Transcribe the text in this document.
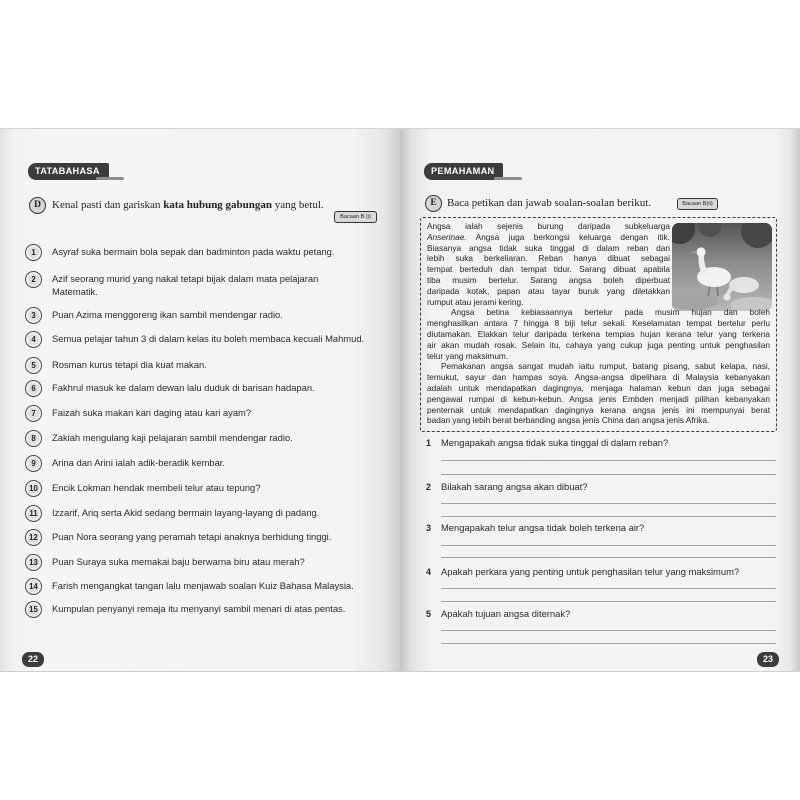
TATABAHASA
D	Kenal pasti dan gariskan kata hubung gabungan yang betul.
Bacaan B (i)
1	Asyraf suka bermain bola sepak dan badminton pada waktu petang.
2	Azif seorang murid yang nakal tetapi bijak dalam mata pelajaran
Matematik.
3	Puan Azima menggoreng ikan sambil mendengar radio.
4	Semua pelajar tahun 3 di dalam kelas itu boleh membaca kecuali Mahmud.
5	Rosman kurus tetapi dia kuat makan.
6	Fakhrul masuk ke dalam dewan lalu duduk di barisan hadapan.
7	Faizah suka makan kari daging atau kari ayam?
8	Zakiah mengulang kaji pelajaran sambil mendengar radio.
9	Arina dan Arini ialah adik-beradik kembar.
10	Encik Lokman hendak membeli telur atau tepung?
11	Izzarif, Ariq serta Akid sedang bermain layang-layang di padang.
12	Puan Nora seorang yang peramah tetapi anaknya berhidung tinggi.
13	Puan Suraya suka memakai baju berwarna biru atau merah?
14	Farish mengangkat tangan lalu menjawab soalan Kuiz Bahasa Malaysia.
15	Kumpulan penyanyi remaja itu menyanyi sambil menari di atas pentas.
22
PEMAHAMAN
E Baca petikan dan jawab soalan-soalan berikut.	Bacaan B(ii)
Angsa ialah sejenis burung daripada subkeluarga
Anserinae. Angsa juga berkongsi keluarga dengan itik.
Biasanya angsa tidak suka tinggal di dalam reban dan
lebih suka berkeliaran. Reban hanya dibuat sebagai
tempat berteduh dan tempat tidur. Sarang dibuat apabila
tiba musim bertelur. Sarang angsa boleh diperbuat
daripada kotak, papan atau tayar buruk yang diletakkan
rumput atau jerami kering.
Angsa betina kebiasaannya bertelur pada musim hujan dan boleh
menghasilkan antara 7 hingga 8 biji telur sekali. Keselamatan tempat bertelur perlu
diutamakan. Elakkan telur daripada terkena tempias hujan kerana telur yang terkena
air akan mudah rosak. Selain itu, cahaya yang cukup juga penting untuk penghasilan
telur yang maksimum.
Pemakanan angsa sangat mudah iaitu rumput, batang pisang, sabut kelapa, nasi,
temukut, sayur dan hampas soya. Angsa-angsa dipelihara di Malaysia kebanyakan
adalah untuk mendapatkan dagingnya, menjaga halaman kebun dan juga sebagai
pengawal rumpai di kebun-kebun. Angsa jenis Embden menjadi pilihan kebanyakan
penternak untuk mendapatkan dagingnya kerana angsa jenis ini mempunyai berat
badan yang lebih berat berbanding angsa jenis China dan angsa jenis Afrika.
1 Mengapakah angsa tidak suka tinggal di dalam reban?
2 Bilakah sarang angsa akan dibuat?
3 Mengapakah telur angsa tidak boleh terkena air?
4 Apakah perkara yang penting untuk penghasilan telur yang maksimum?
5 Apakah tujuan angsa diternak?
23
